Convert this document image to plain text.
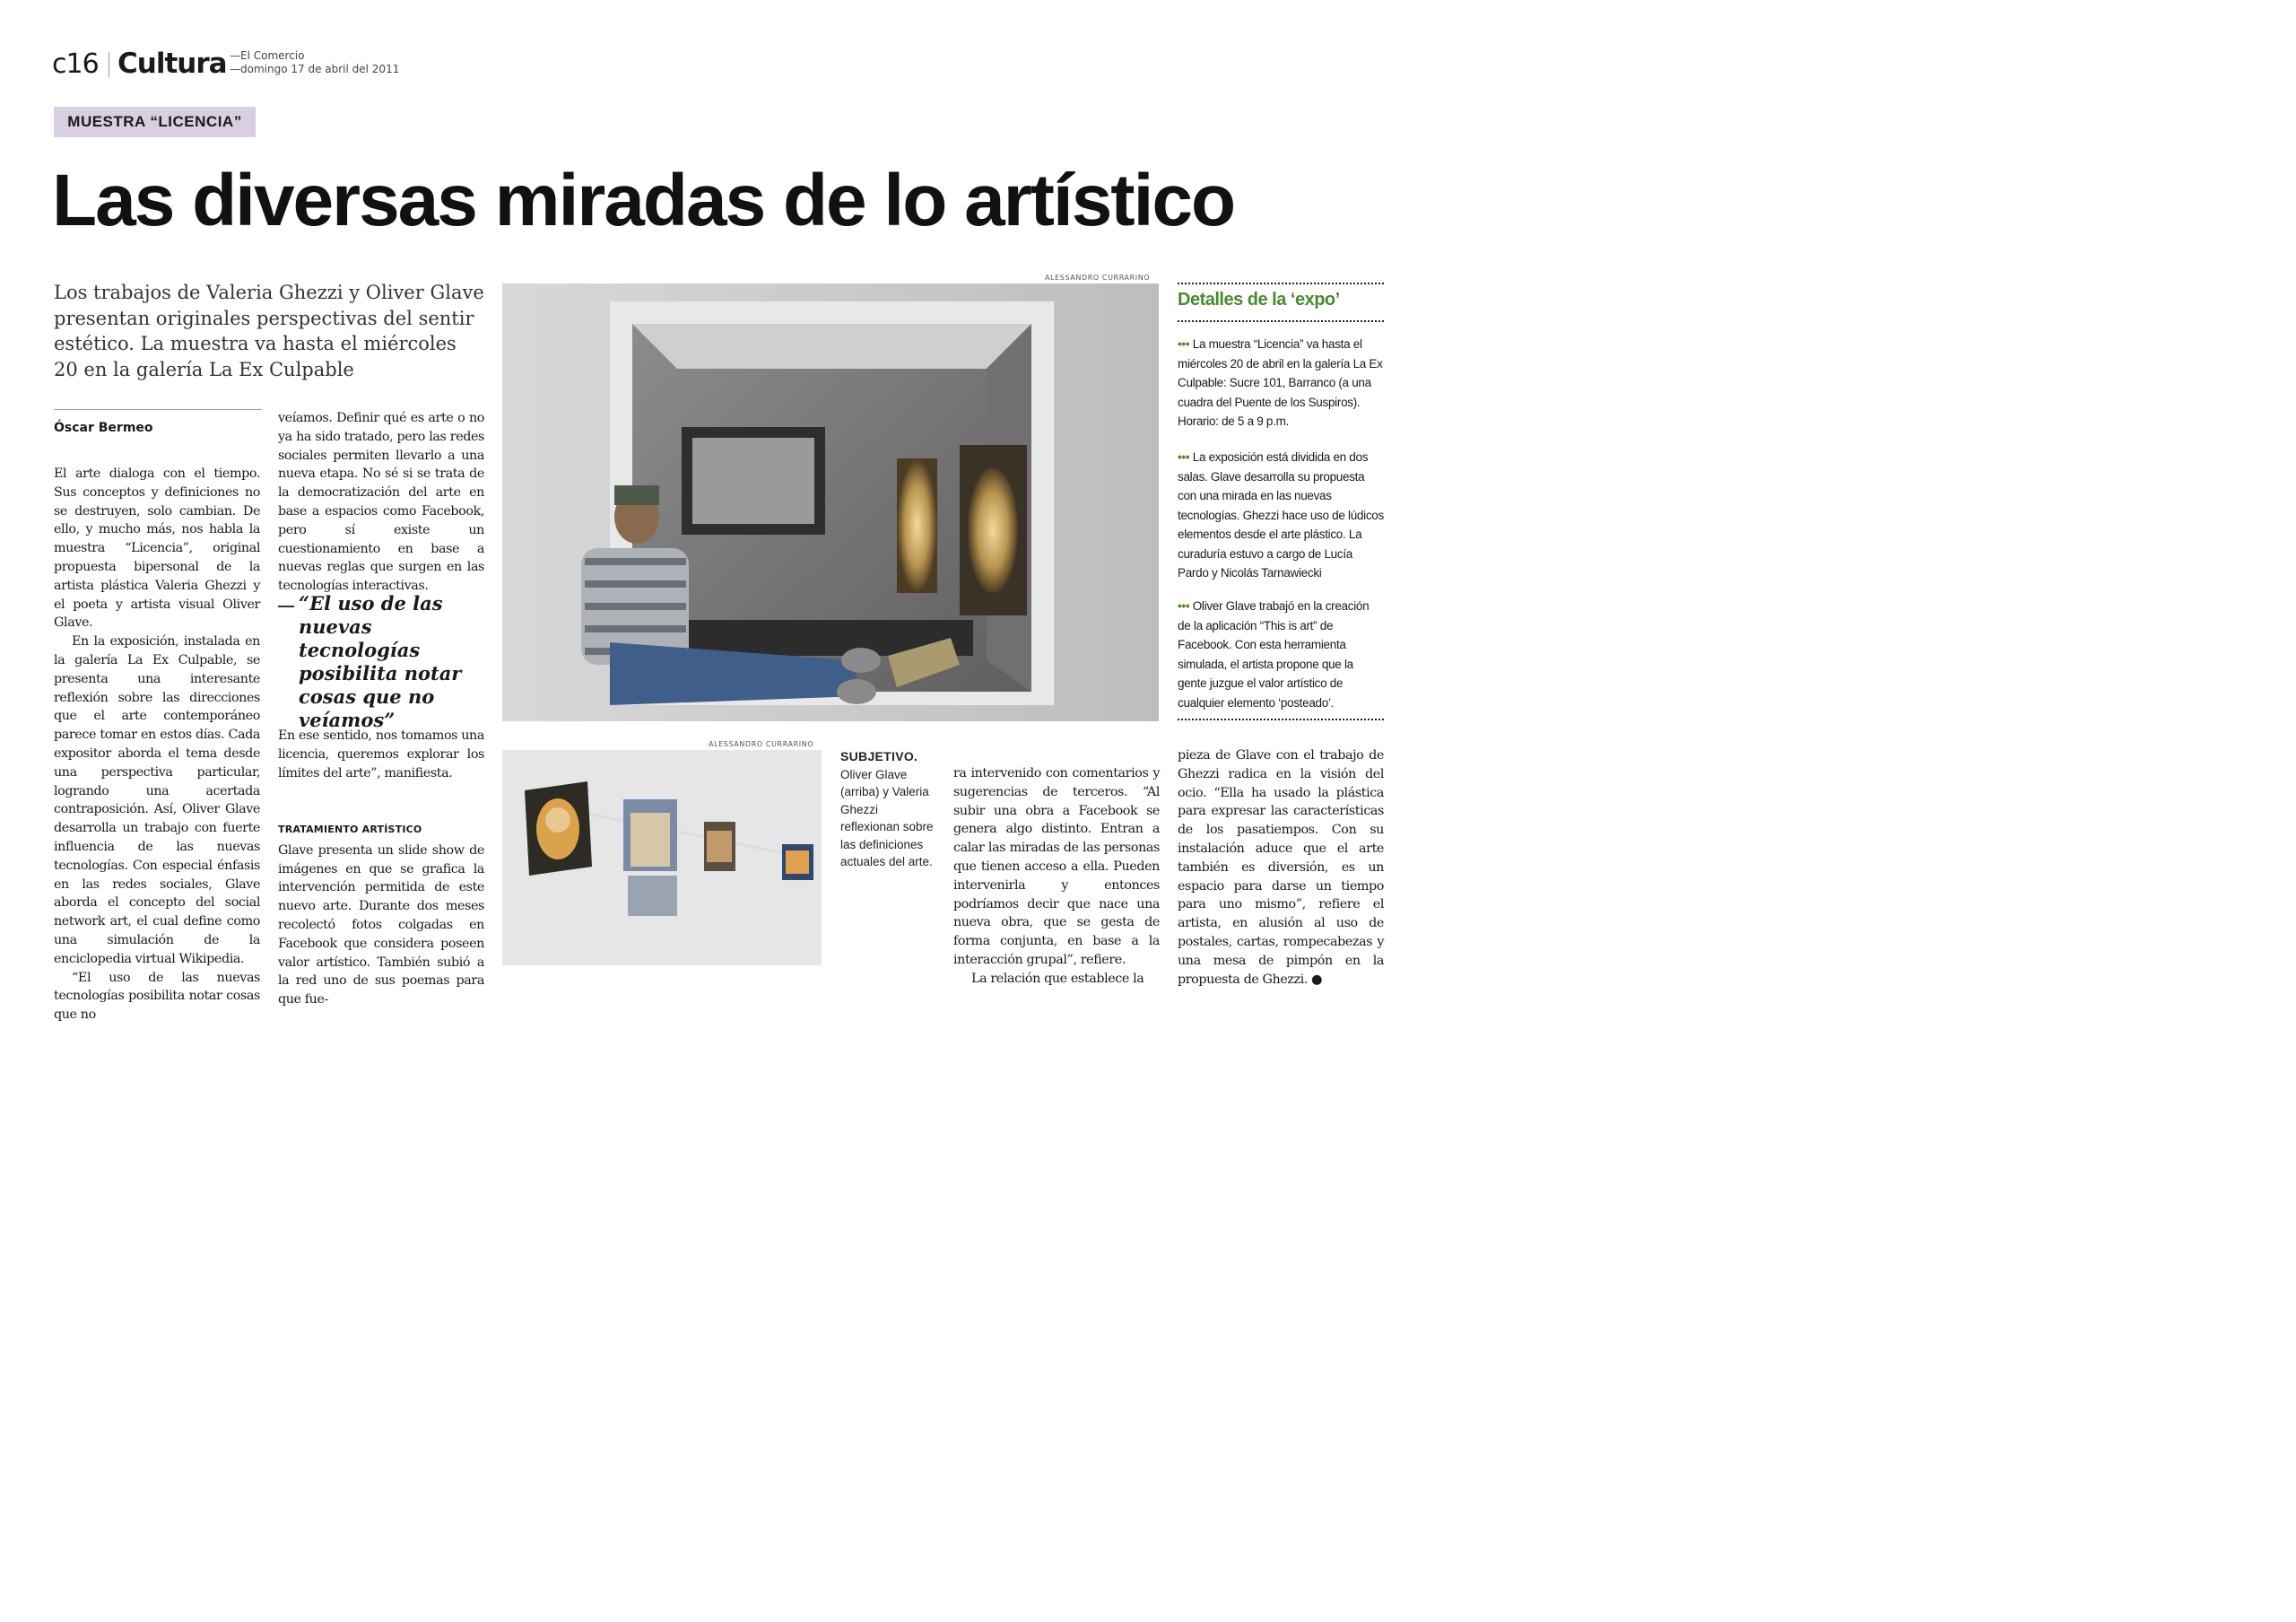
c16 Cultura —El Comercio
—domingo 17 de abril del 2011
MUESTRA “LICENCIA”
Las diversas miradas de lo artístico
Los trabajos de Valeria Ghezzi y Oliver Glave presentan originales perspectivas del sentir estético. La muestra va hasta el miércoles 20 en la galería La Ex Culpable
Óscar Bermeo

El arte dialoga con el tiempo. Sus conceptos y definiciones no se destruyen, solo cambian. De ello, y mucho más, nos habla la muestra “Licencia”, original propuesta bipersonal de la artista plástica Valeria Ghezzi y el poeta y artista visual Oliver Glave.

En la exposición, instalada en la galería La Ex Culpable, se presenta una interesante reflexión sobre las direcciones que el arte contemporáneo parece tomar en estos días. Cada expositor aborda el tema desde una perspectiva particular, logrando una acertada contraposición. Así, Oliver Glave desarrolla un trabajo con fuerte influencia de las nuevas tecnologías. Con especial énfasis en las redes sociales, Glave aborda el concepto del social network art, el cual define como una simulación de la enciclopedia virtual Wikipedia.

“El uso de las nuevas tecnologías posibilita notar cosas que no

veíamos. Definir qué es arte o no ya ha sido tratado, pero las redes sociales permiten llevarlo a una nueva etapa. No sé si se trata de la democratización del arte en base a espacios como Facebook, pero sí existe un cuestionamiento en base a nuevas reglas que surgen en las tecnologías interactivas.

“El uso de las nuevas tecnologías posibilita notar cosas que no veíamos”

En ese sentido, nos tomamos una licencia, queremos explorar los límites del arte”, manifiesta.

TRATAMIENTO ARTÍSTICO

Glave presenta un slide show de imágenes en que se grafica la intervención permitida de este nuevo arte. Durante dos meses recolectó fotos colgadas en Facebook que considera poseen valor artístico. También subió a la red uno de sus poemas para que fue-

ALESSANDRO CURRARINO
ALESSANDRO CURRARINO
SUBJETIVO.
Oliver Glave (arriba) y Valeria Ghezzi reflexionan sobre las definiciones actuales del arte.

ra intervenido con comentarios y sugerencias de terceros. “Al subir una obra a Facebook se genera algo distinto. Entran a calar las miradas de las personas que tienen acceso a ella. Pueden intervenirla y entonces podríamos decir que nace una nueva obra, que se gesta de forma conjunta, en base a la interacción grupal”, refiere.

La relación que establece la

pieza de Glave con el trabajo de Ghezzi radica en la visión del ocio. “Ella ha usado la plástica para expresar las características de los pasatiempos. Con su instalación aduce que el arte también es diversión, es un espacio para darse un tiempo para uno mismo”, refiere el artista, en alusión al uso de postales, cartas, rompecabezas y una mesa de pimpón en la propuesta de Ghezzi. ●

Detalles de la ‘expo’
••• La muestra “Licencia” va hasta el miércoles 20 de abril en la galería La Ex Culpable: Sucre 101, Barranco (a una cuadra del Puente de los Suspiros). Horario: de 5 a 9 p.m.
••• La exposición está dividida en dos salas. Glave desarrolla su propuesta con una mirada en las nuevas tecnologías. Ghezzi hace uso de lúdicos elementos desde el arte plástico. La curaduría estuvo a cargo de Lucía Pardo y Nicolás Tarnawiecki
••• Oliver Glave trabajó en la creación de la aplicación “This is art” de Facebook. Con esta herramienta simulada, el artista propone que la gente juzgue el valor artístico de cualquier elemento ‘posteado’.
